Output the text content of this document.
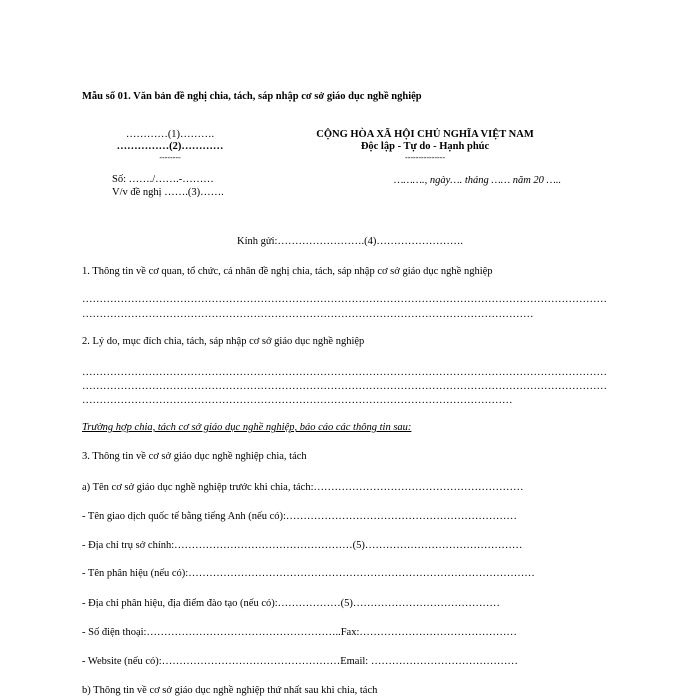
Mẫu số 01. Văn bản đề nghị chia, tách, sáp nhập cơ sở giáo dục nghề nghiệp
…………(1)……….
……………(2)…………
--------
Số: ……./…….-………
V/v đề nghị …….(3)…….
CỘNG HÒA XÃ HỘI CHỦ NGHĨA VIỆT NAM
Độc lập - Tự do - Hạnh phúc
---------------
………., ngày…. tháng …… năm 20 …..
Kính gửi:…………………….(4)…………………….
1. Thông tin về cơ quan, tổ chức, cá nhân đề nghị chia, tách, sáp nhập cơ sở giáo dục nghề nghiệp
……………………………………………………………………………………………………………………………………
…………………………………………………………………………………………………………………
2. Lý do, mục đích chia, tách, sáp nhập cơ sở giáo dục nghề nghiệp
……………………………………………………………………………………………………………………………………
……………………………………………………………………………………………………………………………………
……………………………………………………………………………………………………………
Trường hợp chia, tách cơ sở giáo dục nghề nghiệp, báo cáo các thông tin sau:
3. Thông tin về cơ sở giáo dục nghề nghiệp chia, tách
a) Tên cơ sở giáo dục nghề nghiệp trước khi chia, tách:……………………………………………………
- Tên giao dịch quốc tế bằng tiếng Anh (nếu có):…………………………………………………………
- Địa chỉ trụ sở chính:……………………………………………(5)………………………………………
- Tên phân hiệu (nếu có):………………………………………………………………………………………
- Địa chỉ phân hiệu, địa điểm đào tạo (nếu có):………………(5)……………………………………
- Số điện thoại:………………………………………………..Fax:………………………………………
- Website (nếu có):……………………………………………Email: ……………………………………
b) Thông tin về cơ sở giáo dục nghề nghiệp thứ nhất sau khi chia, tách
